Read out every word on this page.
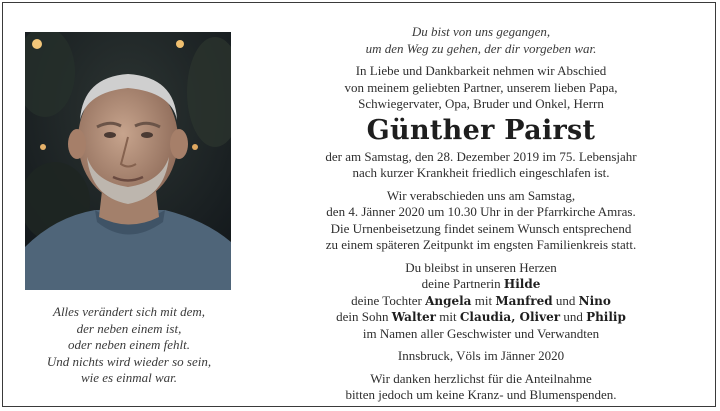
Alles verändert sich mit dem,
der neben einem ist,
oder neben einem fehlt.
Und nichts wird wieder so sein,
wie es einmal war.
Du bist von uns gegangen,
um den Weg zu gehen, der dir vorgeben war.
In Liebe und Dankbarkeit nehmen wir Abschied
von meinem geliebten Partner, unserem lieben Papa,
Schwiegervater, Opa, Bruder und Onkel, Herrn
Günther Pairst
der am Samstag, den 28. Dezember 2019 im 75. Lebensjahr
nach kurzer Krankheit friedlich eingeschlafen ist.
Wir verabschieden uns am Samstag,
den 4. Jänner 2020 um 10.30 Uhr in der Pfarrkirche Amras.
Die Urnenbeisetzung findet seinem Wunsch entsprechend
zu einem späteren Zeitpunkt im engsten Familienkreis statt.
Du bleibst in unseren Herzen
deine Partnerin Hilde
deine Tochter Angela mit Manfred und Nino
dein Sohn Walter mit Claudia, Oliver und Philip
im Namen aller Geschwister und Verwandten
Innsbruck, Völs im Jänner 2020
Wir danken herzlichst für die Anteilnahme
bitten jedoch um keine Kranz- und Blumenspenden.
